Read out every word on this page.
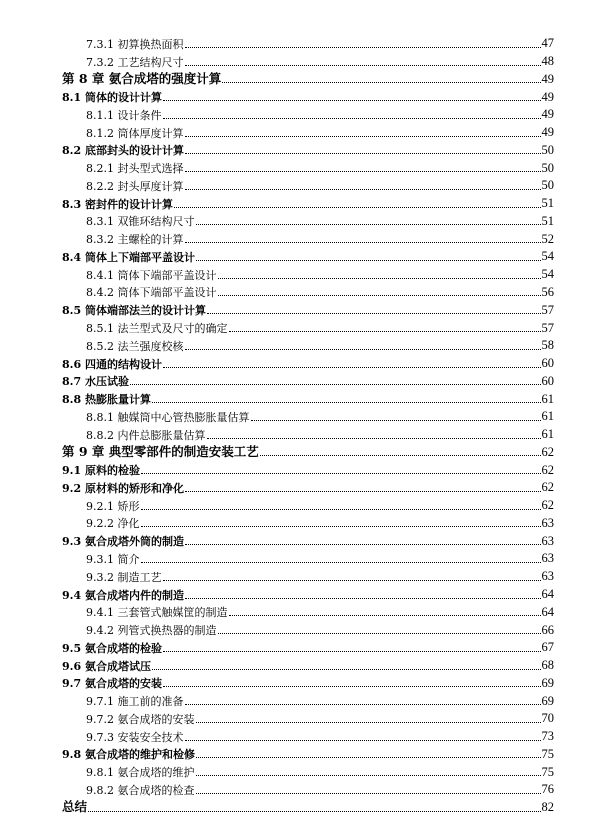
7.3.1 初算换热面积	47
7.3.2 工艺结构尺寸	48
第 8 章 氨合成塔的强度计算	49
8.1 筒体的设计计算	49
8.1.1 设计条件	49
8.1.2 筒体厚度计算	49
8.2 底部封头的设计计算	50
8.2.1 封头型式选择	50
8.2.2 封头厚度计算	50
8.3 密封件的设计计算	51
8.3.1 双锥环结构尺寸	51
8.3.2 主螺栓的计算	52
8.4 筒体上下端部平盖设计	54
8.4.1 筒体下端部平盖设计	54
8.4.2 筒体下端部平盖设计	56
8.5 筒体端部法兰的设计计算	57
8.5.1 法兰型式及尺寸的确定	57
8.5.2 法兰强度校核	58
8.6 四通的结构设计	60
8.7 水压试验	60
8.8 热膨胀量计算	61
8.8.1 触媒筒中心管热膨胀量估算	61
8.8.2 内件总膨胀量估算	61
第 9 章 典型零部件的制造安装工艺	62
9.1 原料的检验	62
9.2 原材料的矫形和净化	62
9.2.1 矫形	62
9.2.2 净化	63
9.3 氨合成塔外筒的制造	63
9.3.1 简介	63
9.3.2 制造工艺	63
9.4 氨合成塔内件的制造	64
9.4.1 三套管式触媒筐的制造	64
9.4.2 列管式换热器的制造	66
9.5 氨合成塔的检验	67
9.6 氨合成塔试压	68
9.7 氨合成塔的安装	69
9.7.1 施工前的准备	69
9.7.2 氨合成塔的安装	70
9.7.3 安装安全技术	73
9.8 氨合成塔的维护和检修	75
9.8.1 氨合成塔的维护	75
9.8.2 氨合成塔的检查	76
总结	82
